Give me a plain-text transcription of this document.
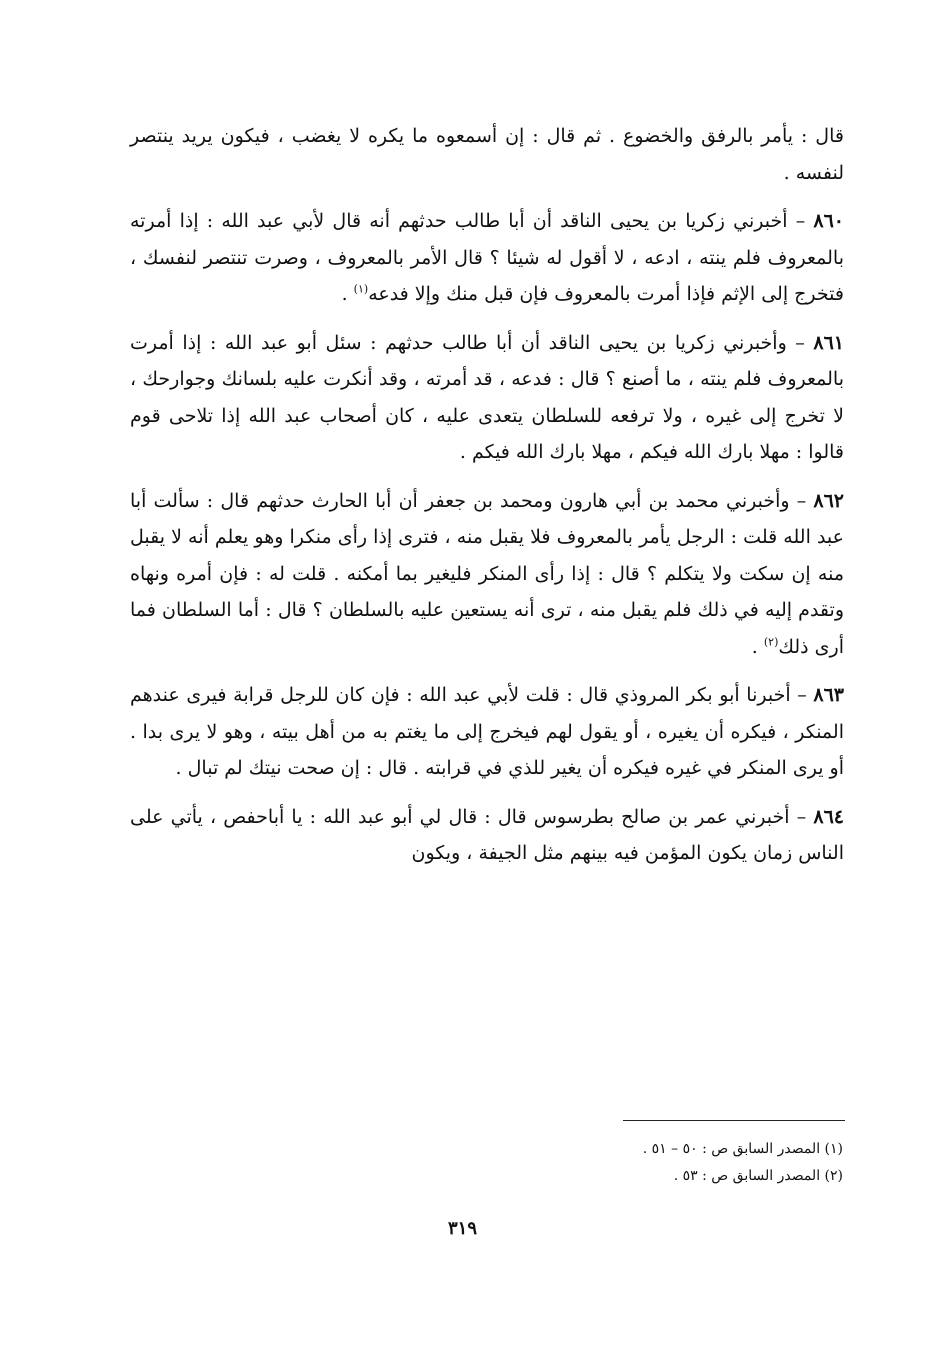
قال : يأمر بالرفق والخضوع . ثم قال : إن أسمعوه ما يكره لا يغضب ، فيكون يريد ينتصر لنفسه .

٨٦٠ – أخبرني زكريا بن يحيى الناقد أن أبا طالب حدثهم أنه قال لأبي عبد الله : إذا أمرته بالمعروف فلم ينته ، ادعه ، لا أقول له شيئا ؟ قال الأمر بالمعروف ، وصرت تنتصر لنفسك ، فتخرج إلى الإثم فإذا أمرت بالمعروف فإن قبل منك وإلا فدعه$^{(١)}$ .

٨٦١ – وأخبرني زكريا بن يحيى الناقد أن أبا طالب حدثهم : سئل أبو عبد الله : إذا أمرت بالمعروف فلم ينته ، ما أصنع ؟ قال : فدعه ، قد أمرته ، وقد أنكرت عليه بلسانك وجوارحك ، لا تخرج إلى غيره ، ولا ترفعه للسلطان يتعدى عليه ، كان أصحاب عبد الله إذا تلاحى قوم قالوا : مهلا بارك الله فيكم ، مهلا بارك الله فيكم .

٨٦٢ – وأخبرني محمد بن أبي هارون ومحمد بن جعفر أن أبا الحارث حدثهم قال : سألت أبا عبد الله قلت : الرجل يأمر بالمعروف فلا يقبل منه ، فترى إذا رأى منكرا وهو يعلم أنه لا يقبل منه إن سكت ولا يتكلم ؟ قال : إذا رأى المنكر فليغير بما أمكنه . قلت له : فإن أمره ونهاه وتقدم إليه في ذلك فلم يقبل منه ، ترى أنه يستعين عليه بالسلطان ؟ قال : أما السلطان فما أرى ذلك$^{(٢)}$ .

٨٦٣ – أخبرنا أبو بكر المروذي قال : قلت لأبي عبد الله : فإن كان للرجل قرابة فيرى عندهم المنكر ، فيكره أن يغيره ، أو يقول لهم فيخرج إلى ما يغتم به من أهل بيته ، وهو لا يرى بدا . أو يرى المنكر في غيره فيكره أن يغير للذي في قرابته . قال : إن صحت نيتك لم تبال .

٨٦٤ – أخبرني عمر بن صالح بطرسوس قال : قال لي أبو عبد الله : يا أباحفص ، يأتي على الناس زمان يكون المؤمن فيه بينهم مثل الجيفة ، ويكون

(١) المصدر السابق ص : ٥٠ – ٥١ .

(٢) المصدر السابق ص : ٥٣ .

٣١٩
